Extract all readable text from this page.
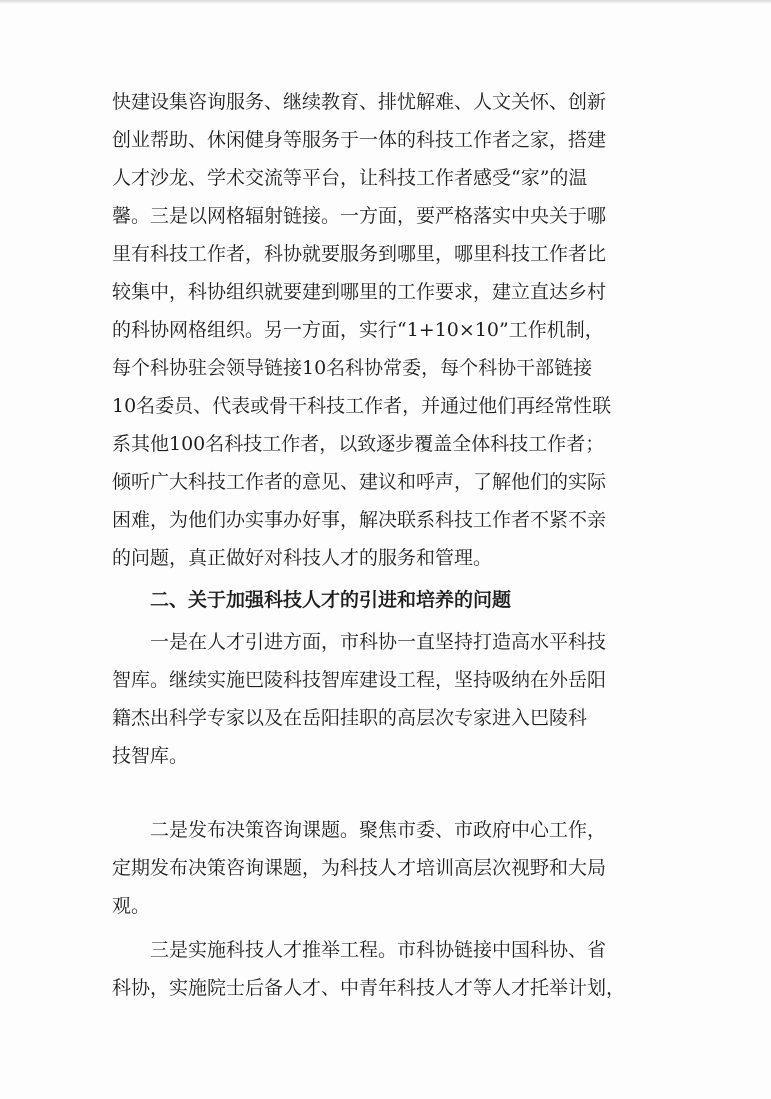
快建设集咨询服务、继续教育、排忧解难、人文关怀、创新
创业帮助、休闲健身等服务于一体的科技工作者之家，搭建
人才沙龙、学术交流等平台，让科技工作者感受“家”的温
馨。三是以网格辐射链接。一方面，要严格落实中央关于哪
里有科技工作者，科协就要服务到哪里，哪里科技工作者比
较集中，科协组织就要建到哪里的工作要求，建立直达乡村
的科协网格组织。另一方面，实行“1+10×10”工作机制，
每个科协驻会领导链接10名科协常委，每个科协干部链接
10名委员、代表或骨干科技工作者，并通过他们再经常性联
系其他100名科技工作者，以致逐步覆盖全体科技工作者；
倾听广大科技工作者的意见、建议和呼声，了解他们的实际
困难，为他们办实事办好事，解决联系科技工作者不紧不亲
的问题，真正做好对科技人才的服务和管理。
二、关于加强科技人才的引进和培养的问题
一是在人才引进方面，市科协一直坚持打造高水平科技
智库。继续实施巴陵科技智库建设工程，坚持吸纳在外岳阳
籍杰出科学专家以及在岳阳挂职的高层次专家进入巴陵科
技智库。
二是发布决策咨询课题。聚焦市委、市政府中心工作，
定期发布决策咨询课题，为科技人才培训高层次视野和大局
观。
三是实施科技人才推举工程。市科协链接中国科协、省
科协，实施院士后备人才、中青年科技人才等人才托举计划，
